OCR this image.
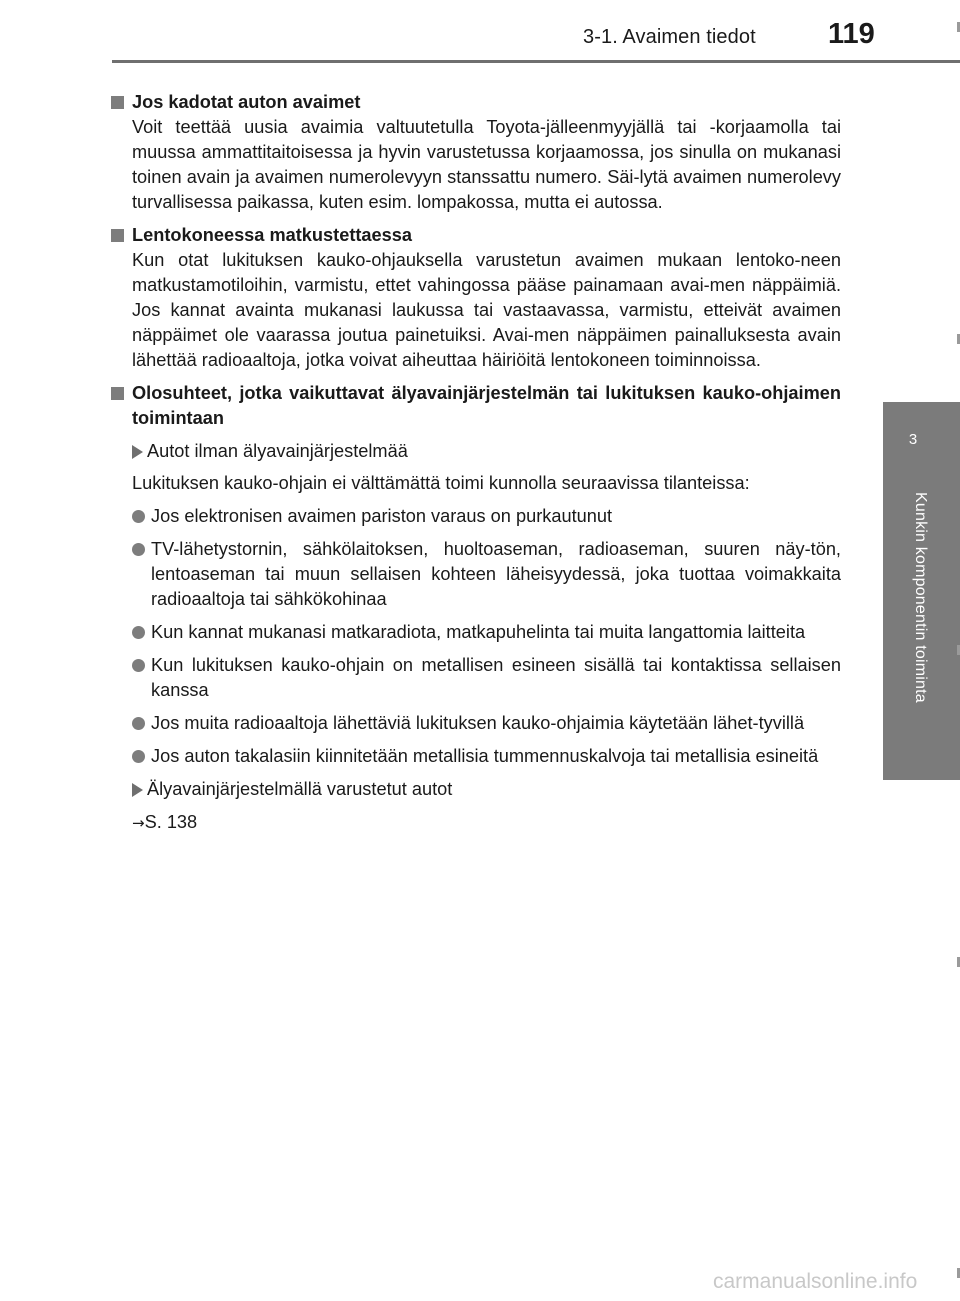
3-1. Avaimen tiedot 119
3
Kunkin komponentin toiminta
Jos kadotat auton avaimet
Voit teettää uusia avaimia valtuutetulla Toyota-jälleenmyyjällä tai -korjaamolla tai muussa ammattitaitoisessa ja hyvin varustetussa korjaamossa, jos sinulla on mukanasi toinen avain ja avaimen numerolevyyn stanssattu numero. Säi-lytä avaimen numerolevy turvallisessa paikassa, kuten esim. lompakossa, mutta ei autossa.
Lentokoneessa matkustettaessa
Kun otat lukituksen kauko-ohjauksella varustetun avaimen mukaan lentoko-neen matkustamotiloihin, varmistu, ettet vahingossa pääse painamaan avai-men näppäimiä. Jos kannat avainta mukanasi laukussa tai vastaavassa, varmistu, etteivät avaimen näppäimet ole vaarassa joutua painetuiksi. Avai-men näppäimen painalluksesta avain lähettää radioaaltoja, jotka voivat aiheuttaa häiriöitä lentokoneen toiminnoissa.
Olosuhteet, jotka vaikuttavat älyavainjärjestelmän tai lukituksen kauko-ohjaimen toimintaan
Autot ilman älyavainjärjestelmää
Lukituksen kauko-ohjain ei välttämättä toimi kunnolla seuraavissa tilanteissa:
Jos elektronisen avaimen pariston varaus on purkautunut
TV-lähetystornin, sähkölaitoksen, huoltoaseman, radioaseman, suuren näy-tön, lentoaseman tai muun sellaisen kohteen läheisyydessä, joka tuottaa voimakkaita radioaaltoja tai sähkökohinaa
Kun kannat mukanasi matkaradiota, matkapuhelinta tai muita langattomia laitteita
Kun lukituksen kauko-ohjain on metallisen esineen sisällä tai kontaktissa sellaisen kanssa
Jos muita radioaaltoja lähettäviä lukituksen kauko-ohjaimia käytetään lähet-tyvillä
Jos auton takalasiin kiinnitetään metallisia tummennuskalvoja tai metallisia esineitä
Älyavainjärjestelmällä varustetut autot
→S. 138
carmanualsonline.info
